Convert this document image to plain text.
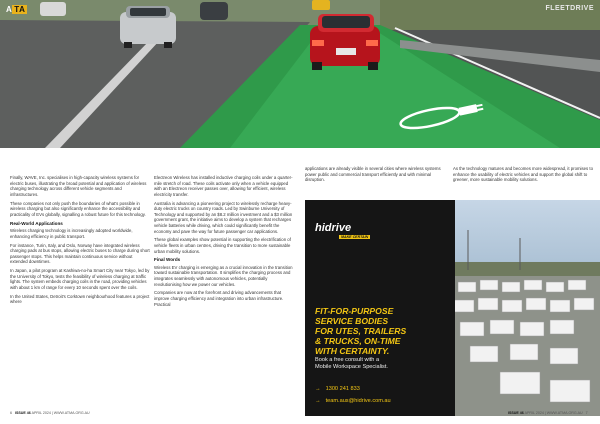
A TA	FLEETDRIVE

Finally, WAVE, Inc. specialises in high-capacity wireless systems for electric buses, illustrating the broad potential and application of wireless charging technology across different vehicle segments and infrastructures.

These companies not only push the boundaries of what's possible in wireless charging but also significantly enhance the accessibility and practicality of EVs globally, signalling a robust future for this technology.

Real-World Applications

Wireless charging technology is increasingly adopted worldwide, enhancing efficiency in public transport.

For instance, Turin, Italy, and Oslo, Norway have integrated wireless charging pads at bus stops, allowing electric buses to charge during short passenger stops. This helps maintain continuous service without extended downtimes.

In Japan, a pilot program at Kashiwa-no-ha Smart City near Tokyo, led by the University of Tokyo, tests the feasibility of wireless charging at traffic lights. The system embeds charging coils in the road, providing vehicles with about 1 km of range for every 10 seconds spent over the coils.

In the United States, Detroit's Corktown neighbourhood features a project where

Electreon Wireless has installed inductive charging coils under a quarter-mile stretch of road. These coils activate only when a vehicle equipped with an Electreon receiver passes over, allowing for efficient, wireless electricity transfer.

Australia is advancing a pioneering project to wirelessly recharge heavy-duty electric trucks on country roads. Led by Swinburne University of Technology and supported by an $8.2 million investment and a $3 million government grant, the initiative aims to develop a system that recharges vehicle batteries while driving, which could significantly benefit the economy and pave the way for future passenger car applications.

These global examples show potential in supporting the electrification of vehicle fleets in urban centres, driving the transition to more sustainable urban mobility solutions.

Final Words

Wireless EV charging is emerging as a crucial innovation in the transition toward sustainable transportation. It simplifies the charging process and integrates seamlessly with autonomous vehicles, potentially revolutionising how we power our vehicles.

Companies are now at the forefront and driving advancements that improve charging efficiency and integration into urban infrastructure. Practical

applications are already visible in several cities where wireless systems power public and commercial transport efficiently and with minimal disruption.

As the technology matures and becomes more widespread, it promises to enhance the usability of electric vehicles and support the global shift to greener, more sustainable mobility solutions.

hidrive
MAKE CERTAIN
FIT-FOR-PURPOSE
SERVICE BODIES
FOR UTES, TRAILERS
& TRUCKS, ON-TIME
WITH CERTAINTY.
Book a free consult with a
Mobile Workspace Specialist.
→ 1300 241 833
→ team.aus@hidrive.com.au
6 ISSUE 46 APRIL 2024 | WWW.ATMA.ORG.AU	ISSUE 46 APRIL 2024 | WWW.ATMA.ORG.AU 7
